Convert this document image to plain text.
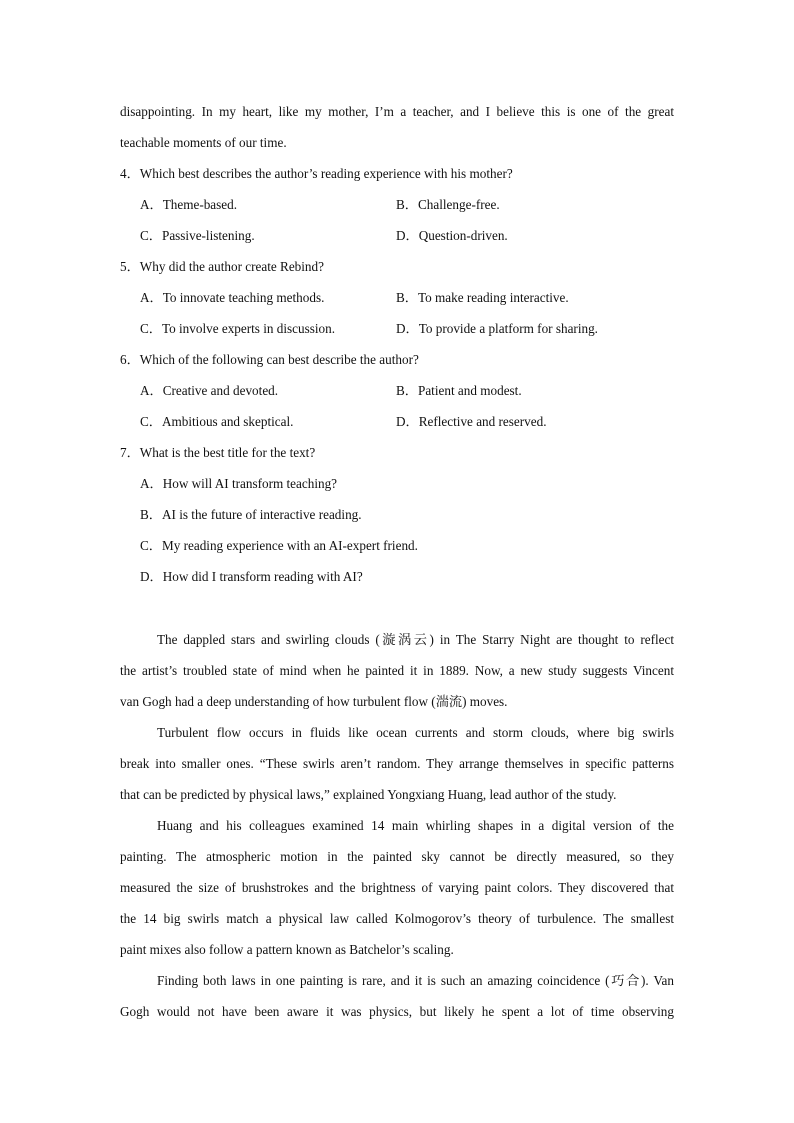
disappointing. In my heart, like my mother, I’m a teacher, and I believe this is one of the great
teachable moments of our time.
4．Which best describes the author’s reading experience with his mother?
A．Theme-based.	B．Challenge-free.
C．Passive-listening.	D．Question-driven.
5．Why did the author create Rebind?
A．To innovate teaching methods.	B．To make reading interactive.
C．To involve experts in discussion.	D．To provide a platform for sharing.
6．Which of the following can best describe the author?
A．Creative and devoted.	B．Patient and modest.
C．Ambitious and skeptical.	D．Reflective and reserved.
7．What is the best title for the text?
A．How will AI transform teaching?
B．AI is the future of interactive reading.
C．My reading experience with an AI-expert friend.
D．How did I transform reading with AI?
The dappled stars and swirling clouds (漩涡云) in The Starry Night are thought to reflect
the artist’s troubled state of mind when he painted it in 1889. Now, a new study suggests Vincent
van Gogh had a deep understanding of how turbulent flow (湍流) moves.
Turbulent flow occurs in fluids like ocean currents and storm clouds, where big swirls
break into smaller ones. “These swirls aren’t random. They arrange themselves in specific patterns
that can be predicted by physical laws,” explained Yongxiang Huang, lead author of the study.
Huang and his colleagues examined 14 main whirling shapes in a digital version of the
painting. The atmospheric motion in the painted sky cannot be directly measured, so they
measured the size of brushstrokes and the brightness of varying paint colors. They discovered that
the 14 big swirls match a physical law called Kolmogorov’s theory of turbulence. The smallest
paint mixes also follow a pattern known as Batchelor’s scaling.
Finding both laws in one painting is rare, and it is such an amazing coincidence (巧合). Van
Gogh would not have been aware it was physics, but likely he spent a lot of time observing
